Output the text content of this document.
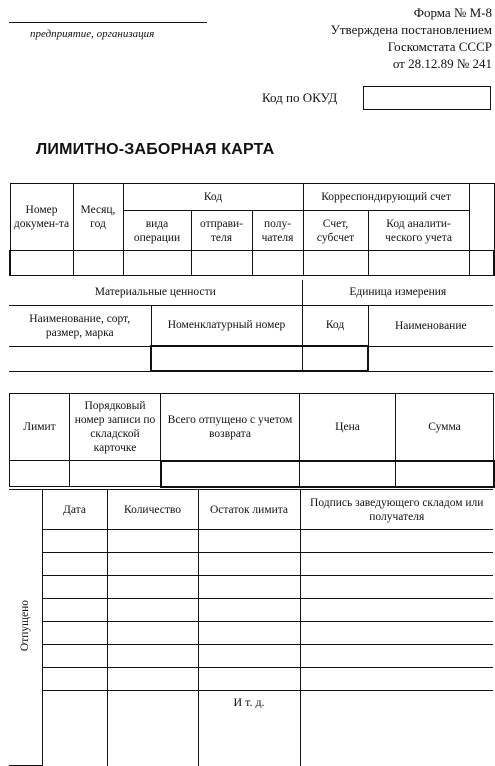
предприятие, организация
Форма № М-8
Утверждена постановлением
Госкомстата СССР
от 28.12.89 № 241
Код по ОКУД
ЛИМИТНО-ЗАБОРНАЯ КАРТА
Номер докумен-та	Месяц, год	Код			Корреспондирующий счет		
		вида операции	отправи-теля	полу-чателя	Счет, субсчет	Код аналити-ческого учета	

Материальные ценности		Единица измерения	
Наименование, сорт, размер, марка	Номенклатурный номер	Код	Наименование

Лимит	Порядковый номер записи по складской карточке	Всего отпущено с учетом возврата	Цена	Сумма

Отпущено	Дата	Количество	Остаток лимита	Подпись заведующего складом или получателя

			И т. д.	
